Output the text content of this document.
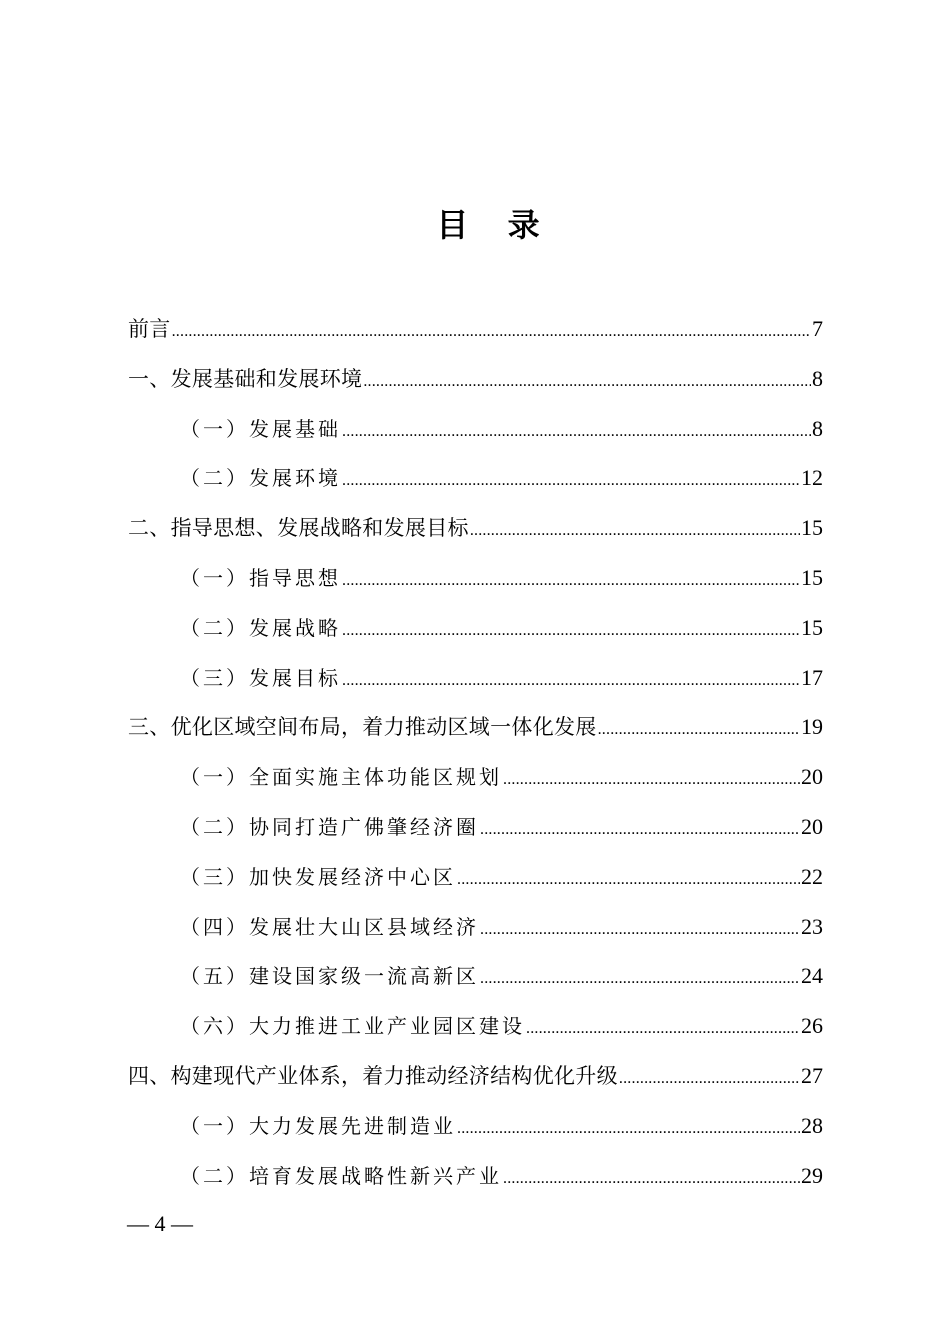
目 录
前言 .....	7
一、发展基础和发展环境 .....	8
（一）发展基础 .....	8
（二）发展环境 .....	12
二、指导思想、发展战略和发展目标 .....	15
（一）指导思想 .....	15
（二）发展战略 .....	15
（三）发展目标 .....	17
三、优化区域空间布局，着力推动区域一体化发展 .....	19
（一）全面实施主体功能区规划 .....	20
（二）协同打造广佛肇经济圈 .....	20
（三）加快发展经济中心区 .....	22
（四）发展壮大山区县域经济 .....	23
（五）建设国家级一流高新区 .....	24
（六）大力推进工业产业园区建设 .....	26
四、构建现代产业体系，着力推动经济结构优化升级 .....	27
（一）大力发展先进制造业 .....	28
（二）培育发展战略性新兴产业 .....	29
— 4 —
